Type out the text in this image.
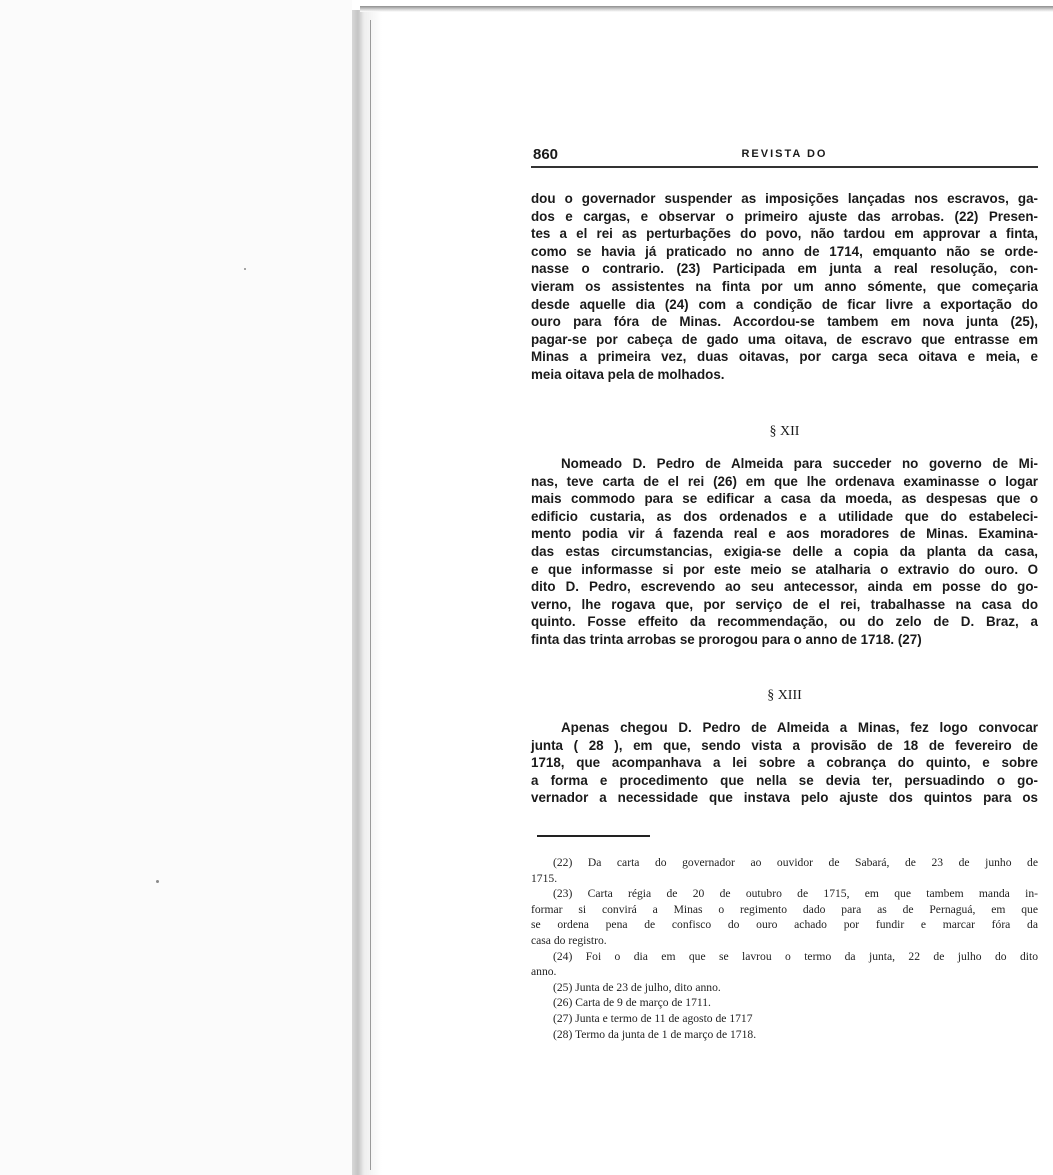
860	REVISTA DO
dou o governador suspender as imposições lançadas nos escravos, ga-
dos e cargas, e observar o primeiro ajuste das arrobas. (22) Presen-
tes a el rei as perturbações do povo, não tardou em approvar a finta,
como se havia já praticado no anno de 1714, emquanto não se orde-
nasse o contrario. (23) Participada em junta a real resolução, con-
vieram os assistentes na finta por um anno sómente, que começaria
desde aquelle dia (24) com a condição de ficar livre a exportação do
ouro para fóra de Minas. Accordou-se tambem em nova junta (25),
pagar-se por cabeça de gado uma oitava, de escravo que entrasse em
Minas a primeira vez, duas oitavas, por carga seca oitava e meia, e
meia oitava pela de molhados.
§ XII
Nomeado D. Pedro de Almeida para succeder no governo de Mi-
nas, teve carta de el rei (26) em que lhe ordenava examinasse o logar
mais commodo para se edificar a casa da moeda, as despesas que o
edificio custaria, as dos ordenados e a utilidade que do estabeleci-
mento podia vir á fazenda real e aos moradores de Minas. Examina-
das estas circumstancias, exigia-se delle a copia da planta da casa,
e que informasse si por este meio se atalharia o extravio do ouro. O
dito D. Pedro, escrevendo ao seu antecessor, ainda em posse do go-
verno, lhe rogava que, por serviço de el rei, trabalhasse na casa do
quinto. Fosse effeito da recommendação, ou do zelo de D. Braz, a
finta das trinta arrobas se prorogou para o anno de 1718. (27)
§ XIII
Apenas chegou D. Pedro de Almeida a Minas, fez logo convocar
junta ( 28 ), em que, sendo vista a provisão de 18 de fevereiro de
1718, que acompanhava a lei sobre a cobrança do quinto, e sobre
a forma e procedimento que nella se devia ter, persuadindo o go-
vernador a necessidade que instava pelo ajuste dos quintos para os
(22) Da carta do governador ao ouvidor de Sabará, de 23 de junho de
1715.
(23) Carta régia de 20 de outubro de 1715, em que tambem manda in-
formar si convirá a Minas o regimento dado para as de Pernaguá, em que
se ordena pena de confisco do ouro achado por fundir e marcar fóra da
casa do registro.
(24) Foi o dia em que se lavrou o termo da junta, 22 de julho do dito
anno.
(25) Junta de 23 de julho, dito anno.
(26) Carta de 9 de março de 1711.
(27) Junta e termo de 11 de agosto de 1717
(28) Termo da junta de 1 de março de 1718.
